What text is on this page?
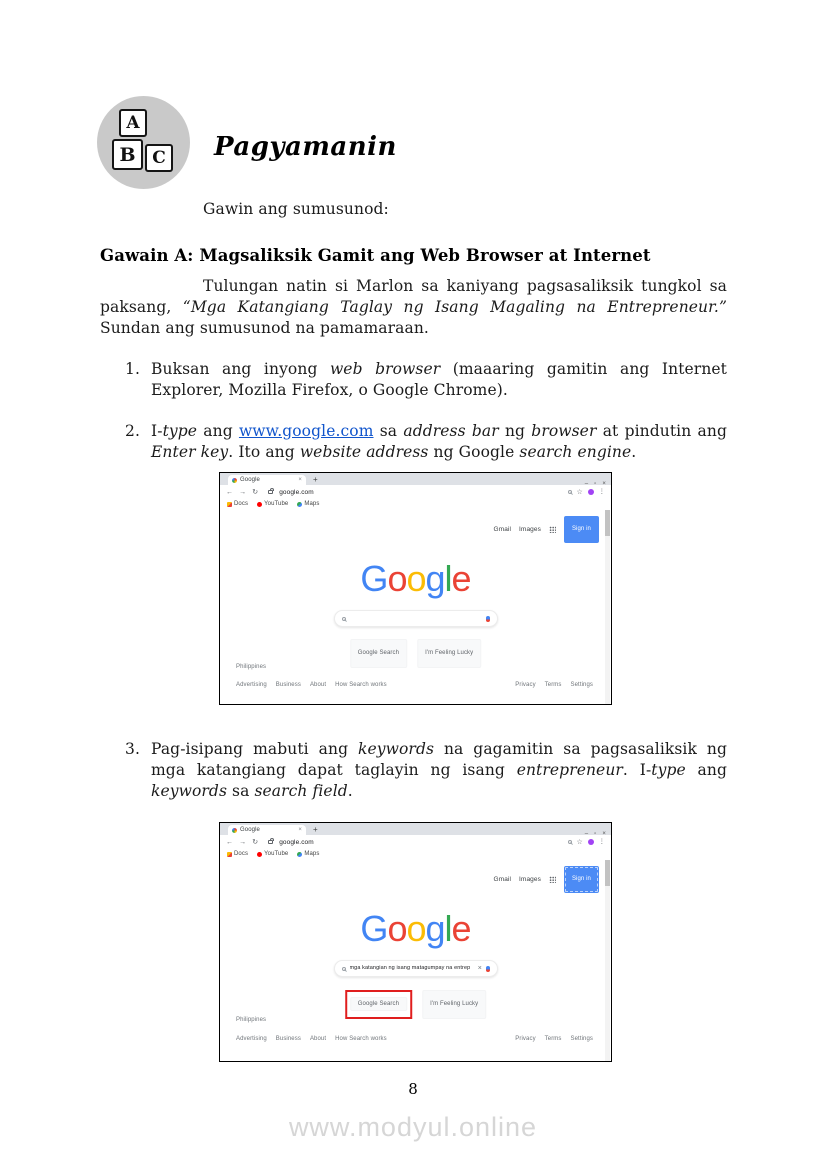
A
B C Pagyamanin
Gawin ang sumusunod:
Gawain A: Magsaliksik Gamit ang Web Browser at Internet
Tulungan natin si Marlon sa kaniyang pagsasaliksik tungkol sa paksang, “Mga Katangiang Taglay ng Isang Magaling na Entrepreneur.” Sundan ang sumusunod na pamamaraan.
1. Buksan ang inyong web browser (maaaring gamitin ang Internet Explorer, Mozilla Firefox, o Google Chrome).
2. I-type ang www.google.com sa address bar ng browser at pindutin ang Enter key. Ito ang website address ng Google search engine.
Google	× +	– ▫ ×
← → ↻	google.com	☆	⋮
Docs	YouTube	Maps
Gmail Images	Sign in
Google
Google Search	I'm Feeling Lucky
Philippines
Advertising Business About How Search works	Privacy Terms Settings
3. Pag-isipang mabuti ang keywords na gagamitin sa pagsasaliksik ng mga katangiang dapat taglayin ng isang entrepreneur. I-type ang keywords sa search field.
Google	× +	– ▫ ×
← → ↻	google.com	☆	⋮
Docs	YouTube	Maps
Gmail Images	Sign in
Google
mga katangian ng isang matagumpay na entrep	×
Google Search	I'm Feeling Lucky
Philippines
Advertising Business About How Search works	Privacy Terms Settings
8
www.modyul.online
